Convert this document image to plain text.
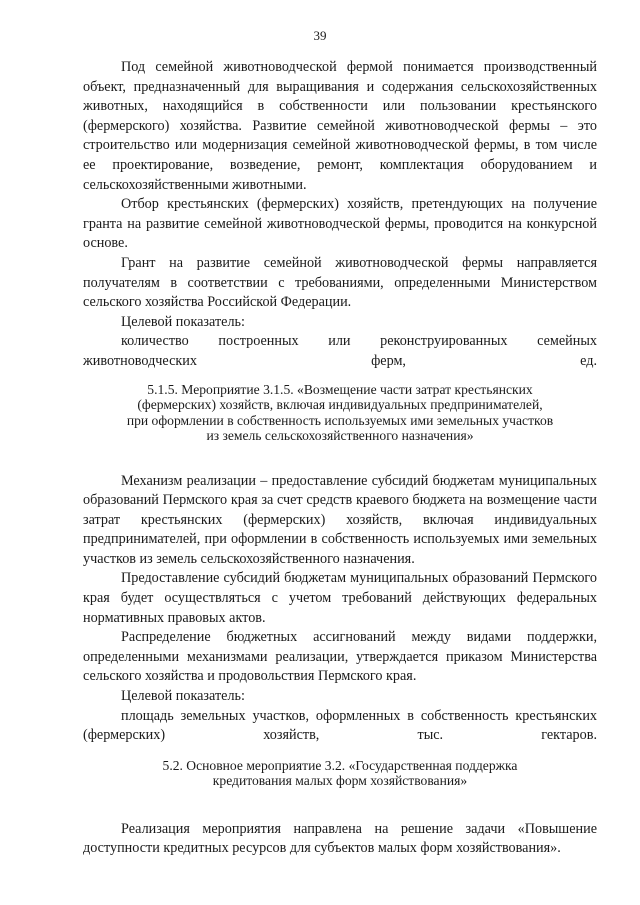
39

Под семейной животноводческой фермой понимается производственный объект, предназначенный для выращивания и содержания сельскохозяйственных животных, находящийся в собственности или пользовании крестьянского (фермерского) хозяйства. Развитие семейной животноводческой фермы – это строительство или модернизация семейной животноводческой фермы, в том числе ее проектирование, возведение, ремонт, комплектация оборудованием и сельскохозяйственными животными.

Отбор крестьянских (фермерских) хозяйств, претендующих на получение гранта на развитие семейной животноводческой фермы, проводится на конкурсной основе.

Грант на развитие семейной животноводческой фермы направляется получателям в соответствии с требованиями, определенными Министерством сельского хозяйства Российской Федерации.

Целевой показатель:

количество построенных или реконструированных семейных животноводческих ферм, ед.

5.1.5. Мероприятие 3.1.5. «Возмещение части затрат крестьянских
(фермерских) хозяйств, включая индивидуальных предпринимателей,
при оформлении в собственность используемых ими земельных участков
из земель сельскохозяйственного назначения»

Механизм реализации – предоставление субсидий бюджетам муниципальных образований Пермского края за счет средств краевого бюджета на возмещение части затрат крестьянских (фермерских) хозяйств, включая индивидуальных предпринимателей, при оформлении в собственность используемых ими земельных участков из земель сельскохозяйственного назначения.

Предоставление субсидий бюджетам муниципальных образований Пермского края будет осуществляться с учетом требований действующих федеральных нормативных правовых актов.

Распределение бюджетных ассигнований между видами поддержки, определенными механизмами реализации, утверждается приказом Министерства сельского хозяйства и продовольствия Пермского края.

Целевой показатель:

площадь земельных участков, оформленных в собственность крестьянских (фермерских) хозяйств, тыс. гектаров.

5.2. Основное мероприятие 3.2. «Государственная поддержка
кредитования малых форм хозяйствования»

Реализация мероприятия направлена на решение задачи «Повышение доступности кредитных ресурсов для субъектов малых форм хозяйствования».
